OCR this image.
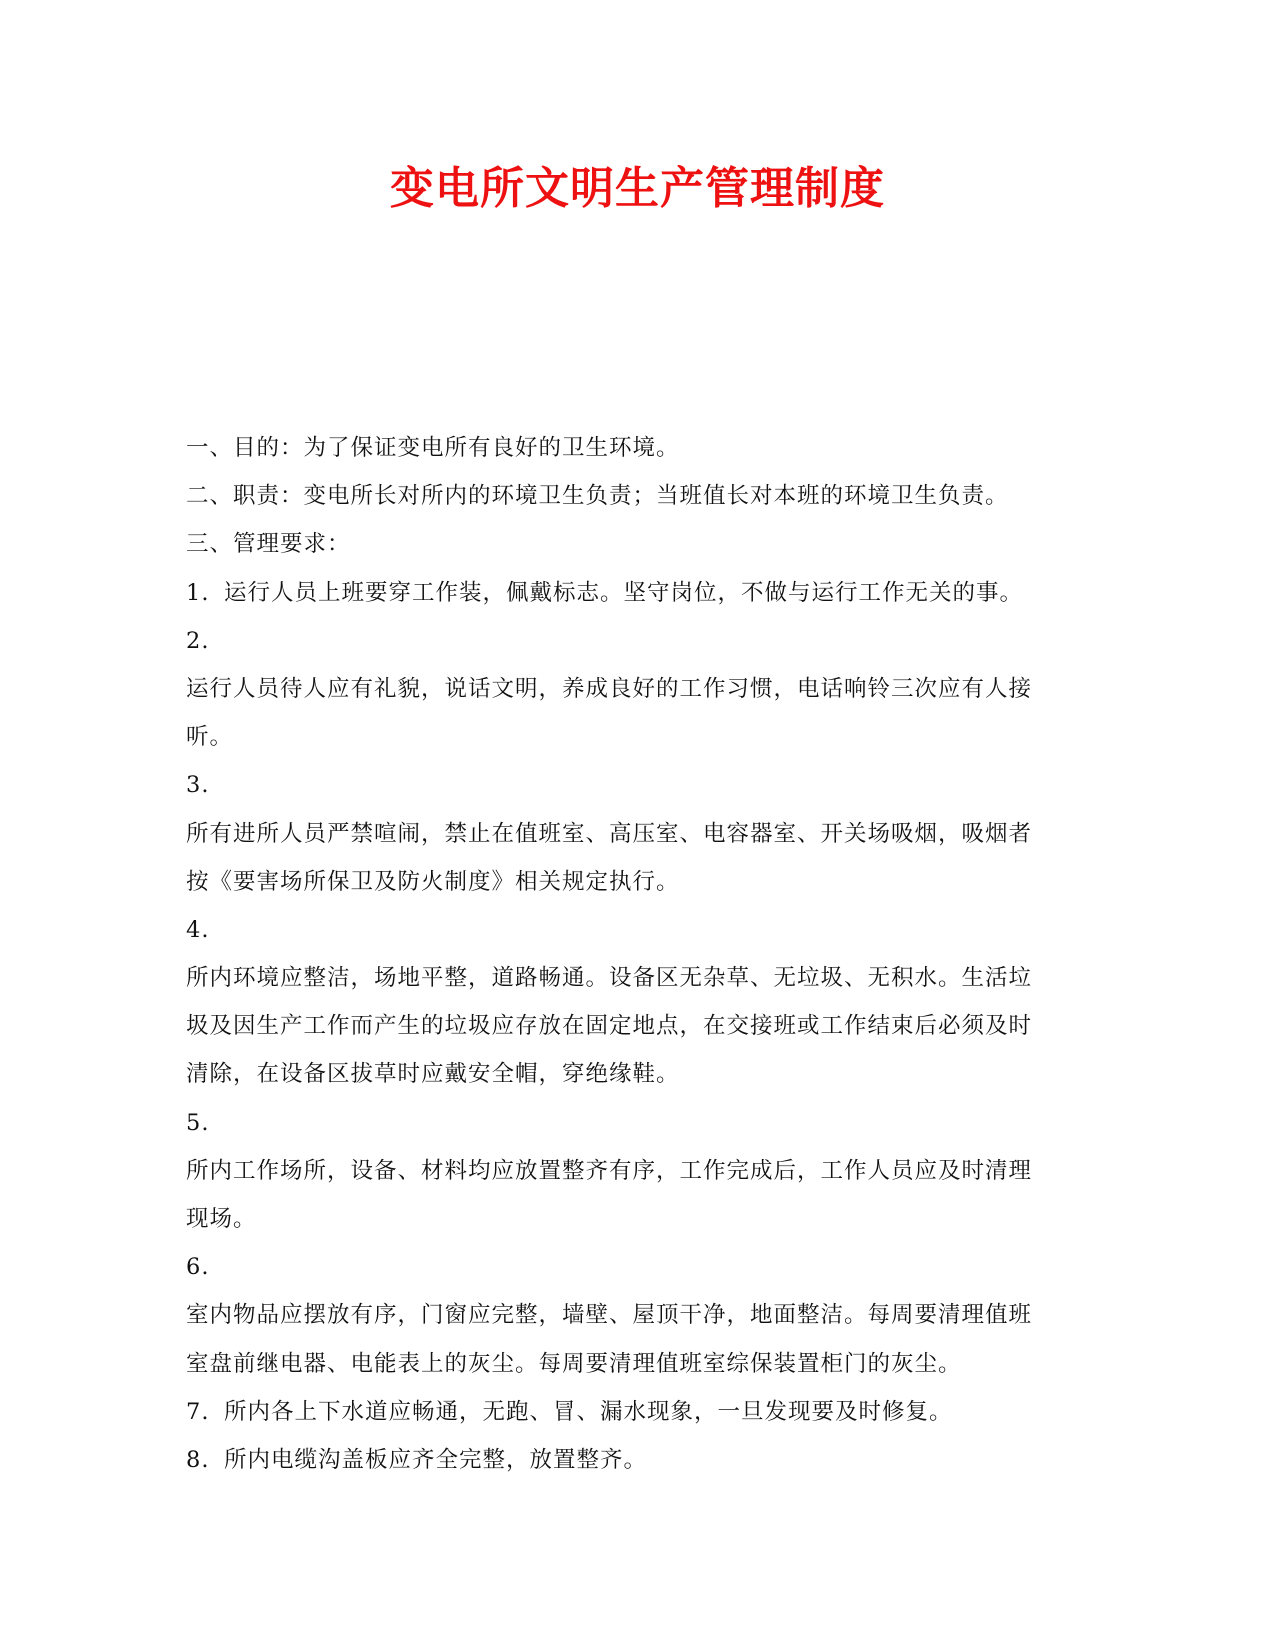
变电所文明生产管理制度
一、目的：为了保证变电所有良好的卫生环境。
二、职责：变电所长对所内的环境卫生负责；当班值长对本班的环境卫生负责。
三、管理要求：
1. 运行人员上班要穿工作装，佩戴标志。坚守岗位，不做与运行工作无关的事。
2.
运行人员待人应有礼貌，说话文明，养成良好的工作习惯，电话响铃三次应有人接
听。
3.
所有进所人员严禁喧闹，禁止在值班室、高压室、电容器室、开关场吸烟，吸烟者
按《要害场所保卫及防火制度》相关规定执行。
4.
所内环境应整洁，场地平整，道路畅通。设备区无杂草、无垃圾、无积水。生活垃
圾及因生产工作而产生的垃圾应存放在固定地点，在交接班或工作结束后必须及时
清除，在设备区拔草时应戴安全帽，穿绝缘鞋。
5.
所内工作场所，设备、材料均应放置整齐有序，工作完成后，工作人员应及时清理
现场。
6.
室内物品应摆放有序，门窗应完整，墙壁、屋顶干净，地面整洁。每周要清理值班
室盘前继电器、电能表上的灰尘。每周要清理值班室综保装置柜门的灰尘。
7. 所内各上下水道应畅通，无跑、冒、漏水现象，一旦发现要及时修复。
8. 所内电缆沟盖板应齐全完整，放置整齐。
